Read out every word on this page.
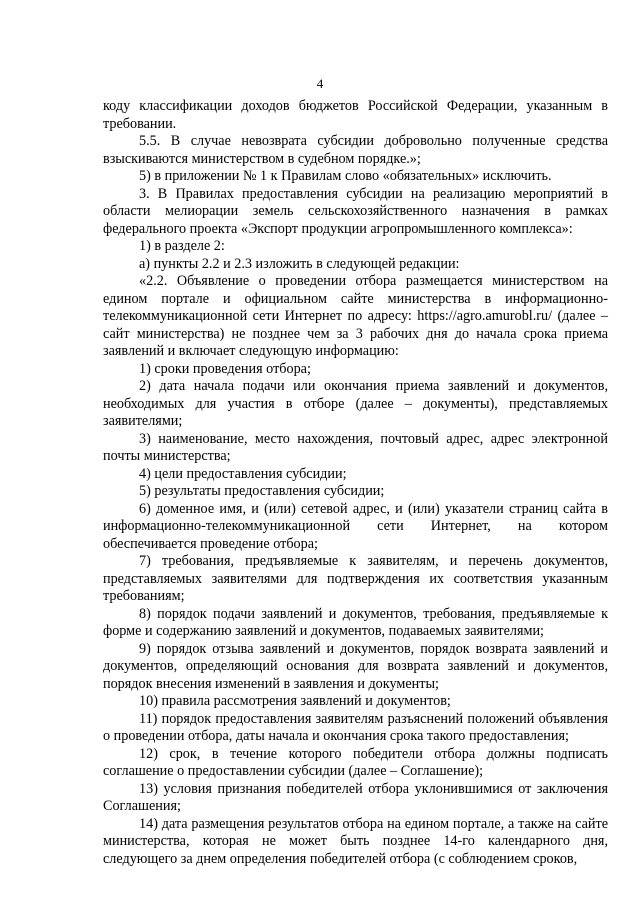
4

коду классификации доходов бюджетов Российской Федерации, указанным в требовании.

5.5. В случае невозврата субсидии добровольно полученные средства взыскиваются министерством в судебном порядке.»;

5) в приложении № 1 к Правилам слово «обязательных» исключить.

3. В Правилах предоставления субсидии на реализацию мероприятий в области мелиорации земель сельскохозяйственного назначения в рамках федерального проекта «Экспорт продукции агропромышленного комплекса»:

1) в разделе 2:

а) пункты 2.2 и 2.3 изложить в следующей редакции:

«2.2. Объявление о проведении отбора размещается министерством на едином портале и официальном сайте министерства в информационно-телекоммуникационной сети Интернет по адресу: https://agro.amurobl.ru/ (далее – сайт министерства) не позднее чем за 3 рабочих дня до начала срока приема заявлений и включает следующую информацию:

1) сроки проведения отбора;

2) дата начала подачи или окончания приема заявлений и документов, необходимых для участия в отборе (далее – документы), представляемых заявителями;

3) наименование, место нахождения, почтовый адрес, адрес электронной почты министерства;

4) цели предоставления субсидии;

5) результаты предоставления субсидии;

6) доменное имя, и (или) сетевой адрес, и (или) указатели страниц сайта в информационно-телекоммуникационной сети Интернет, на котором обеспечивается проведение отбора;

7) требования, предъявляемые к заявителям, и перечень документов, представляемых заявителями для подтверждения их соответствия указанным требованиям;

8) порядок подачи заявлений и документов, требования, предъявляемые к форме и содержанию заявлений и документов, подаваемых заявителями;

9) порядок отзыва заявлений и документов, порядок возврата заявлений и документов, определяющий основания для возврата заявлений и документов, порядок внесения изменений в заявления и документы;

10) правила рассмотрения заявлений и документов;

11) порядок предоставления заявителям разъяснений положений объявления о проведении отбора, даты начала и окончания срока такого предоставления;

12) срок, в течение которого победители отбора должны подписать соглашение о предоставлении субсидии (далее – Соглашение);

13) условия признания победителей отбора уклонившимися от заключения Соглашения;

14) дата размещения результатов отбора на едином портале, а также на сайте министерства, которая не может быть позднее 14-го календарного дня, следующего за днем определения победителей отбора (с соблюдением сроков,
